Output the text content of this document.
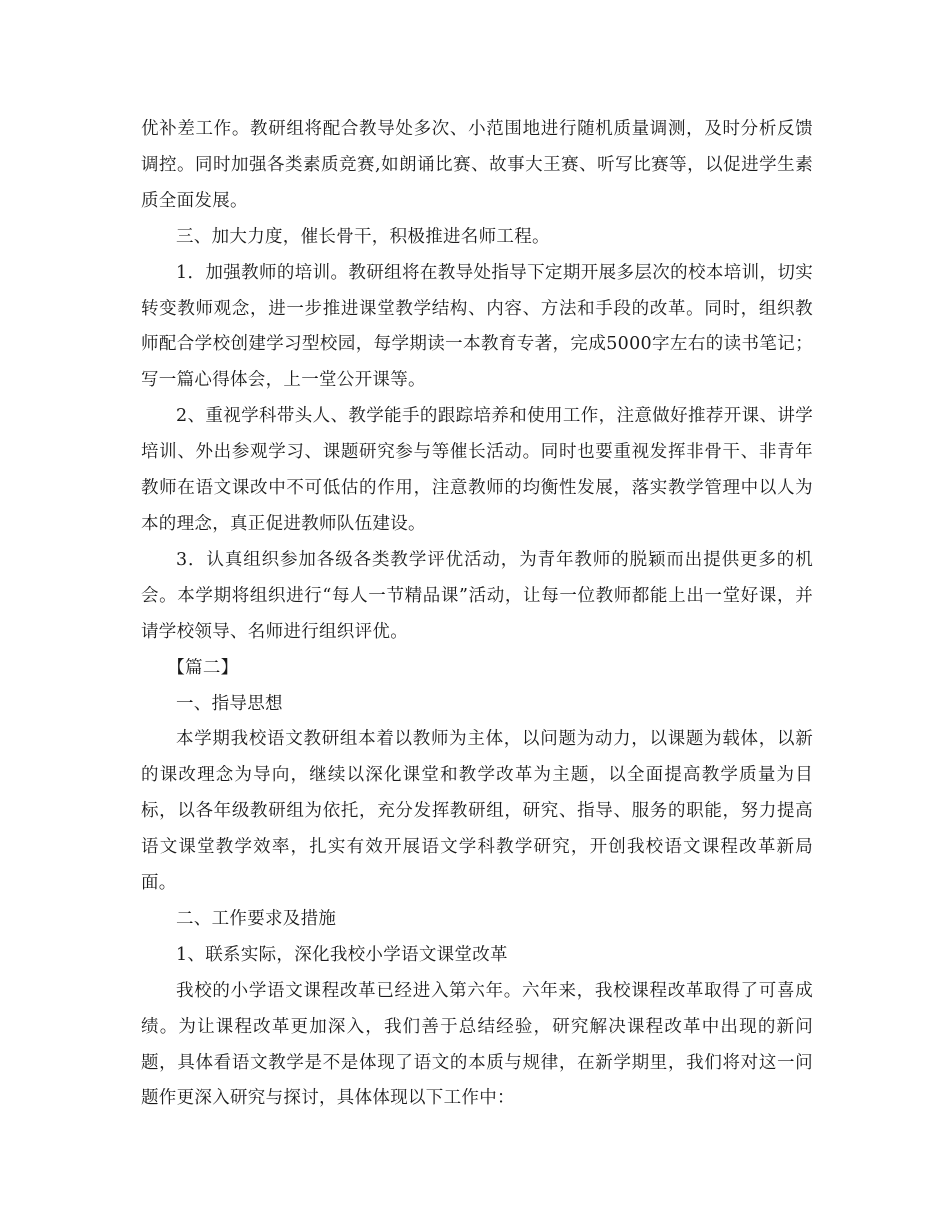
优补差工作。教研组将配合教导处多次、小范围地进行随机质量调测，及时分析反馈调控。同时加强各类素质竞赛,如朗诵比赛、故事大王赛、听写比赛等，以促进学生素质全面发展。

三、加大力度，催长骨干，积极推进名师工程。

1．加强教师的培训。教研组将在教导处指导下定期开展多层次的校本培训，切实转变教师观念，进一步推进课堂教学结构、内容、方法和手段的改革。同时，组织教师配合学校创建学习型校园，每学期读一本教育专著，完成5000字左右的读书笔记；写一篇心得体会，上一堂公开课等。

2、重视学科带头人、教学能手的跟踪培养和使用工作，注意做好推荐开课、讲学培训、外出参观学习、课题研究参与等催长活动。同时也要重视发挥非骨干、非青年教师在语文课改中不可低估的作用，注意教师的均衡性发展，落实教学管理中以人为本的理念，真正促进教师队伍建设。

3．认真组织参加各级各类教学评优活动，为青年教师的脱颖而出提供更多的机会。本学期将组织进行“每人一节精品课”活动，让每一位教师都能上出一堂好课，并请学校领导、名师进行组织评优。

【篇二】

一、指导思想

本学期我校语文教研组本着以教师为主体，以问题为动力，以课题为载体，以新的课改理念为导向，继续以深化课堂和教学改革为主题，以全面提高教学质量为目标，以各年级教研组为依托，充分发挥教研组，研究、指导、服务的职能，努力提高语文课堂教学效率，扎实有效开展语文学科教学研究，开创我校语文课程改革新局面。

二、工作要求及措施

1、联系实际，深化我校小学语文课堂改革

我校的小学语文课程改革已经进入第六年。六年来，我校课程改革取得了可喜成绩。为让课程改革更加深入，我们善于总结经验，研究解决课程改革中出现的新问题，具体看语文教学是不是体现了语文的本质与规律，在新学期里，我们将对这一问题作更深入研究与探讨，具体体现以下工作中：
